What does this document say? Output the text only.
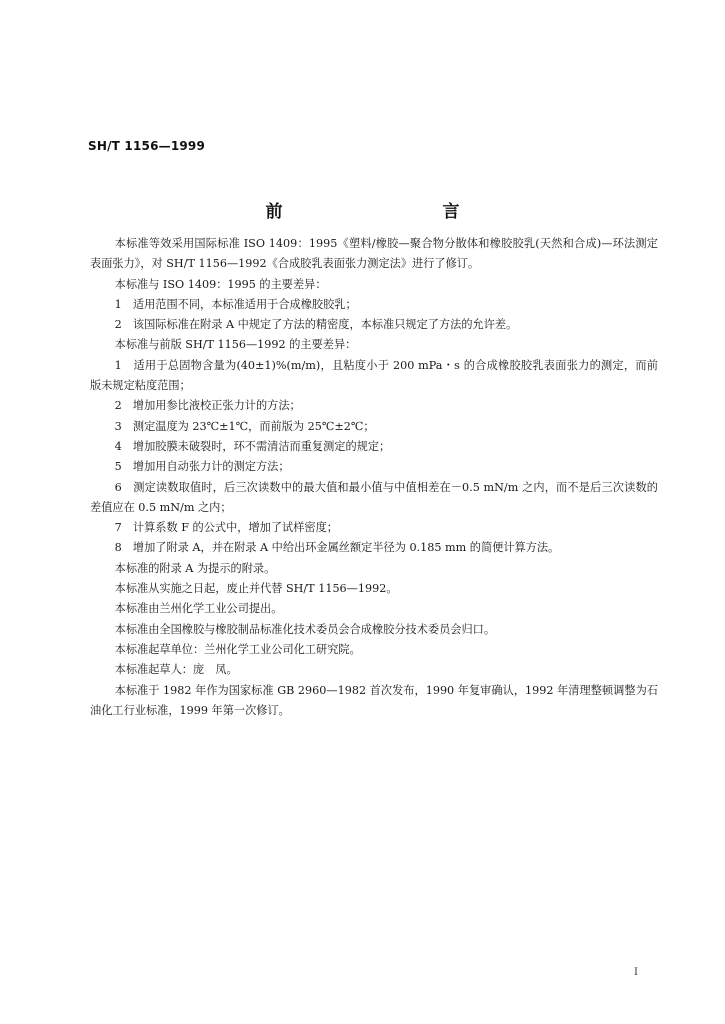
SH/T 1156—1999
前　　言

本标准等效采用国际标准 ISO 1409：1995《塑料/橡胶—聚合物分散体和橡胶胶乳(天然和合成)—环法测定表面张力》，对 SH/T 1156—1992《合成胶乳表面张力测定法》进行了修订。

本标准与 ISO 1409：1995 的主要差异：

1　适用范围不同，本标准适用于合成橡胶胶乳；

2　该国际标准在附录 A 中规定了方法的精密度，本标准只规定了方法的允许差。

本标准与前版 SH/T 1156—1992 的主要差异：

1　适用于总固物含量为(40±1)%(m/m)，且粘度小于 200 mPa・s 的合成橡胶胶乳表面张力的测定，而前版未规定粘度范围；

2　增加用参比液校正张力计的方法；

3　测定温度为 23℃±1℃，而前版为 25℃±2℃；

4　增加胶膜未破裂时，环不需清洁而重复测定的规定；

5　增加用自动张力计的测定方法；

6　测定读数取值时，后三次读数中的最大值和最小值与中值相差在－0.5 mN/m 之内，而不是后三次读数的差值应在 0.5 mN/m 之内；

7　计算系数 F 的公式中，增加了试样密度；

8　增加了附录 A，并在附录 A 中给出环金属丝额定半径为 0.185 mm 的简便计算方法。

本标准的附录 A 为提示的附录。

本标准从实施之日起，废止并代替 SH/T 1156—1992。

本标准由兰州化学工业公司提出。

本标准由全国橡胶与橡胶制品标准化技术委员会合成橡胶分技术委员会归口。

本标准起草单位：兰州化学工业公司化工研究院。

本标准起草人：庞　凤。

本标准于 1982 年作为国家标准 GB 2960—1982 首次发布，1990 年复审确认，1992 年清理整顿调整为石油化工行业标准，1999 年第一次修订。

I
